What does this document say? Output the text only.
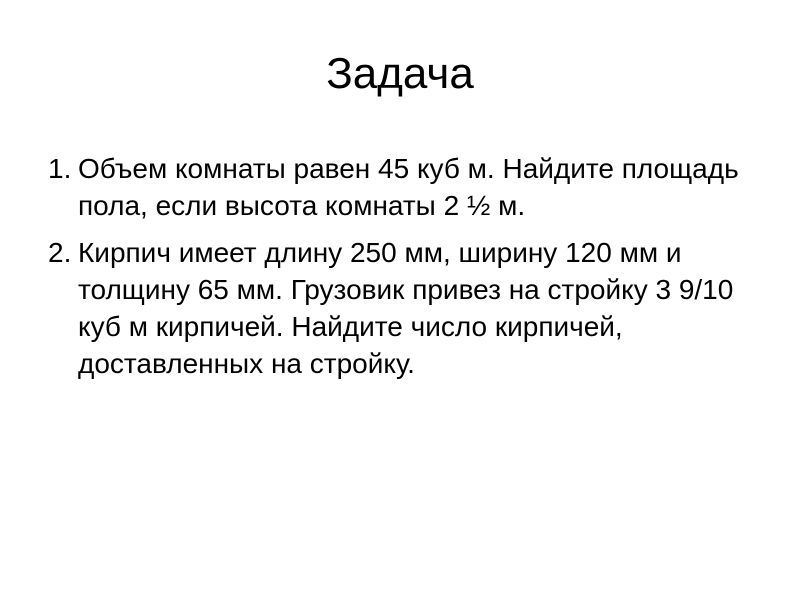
Задача
1. Объем комнаты равен 45 куб м. Найдите площадь пола, если высота комнаты 2 ½ м.
2. Кирпич имеет длину 250 мм, ширину 120 мм и толщину 65 мм. Грузовик привез на стройку 3 9/10 куб м кирпичей. Найдите число кирпичей, доставленных на стройку.
